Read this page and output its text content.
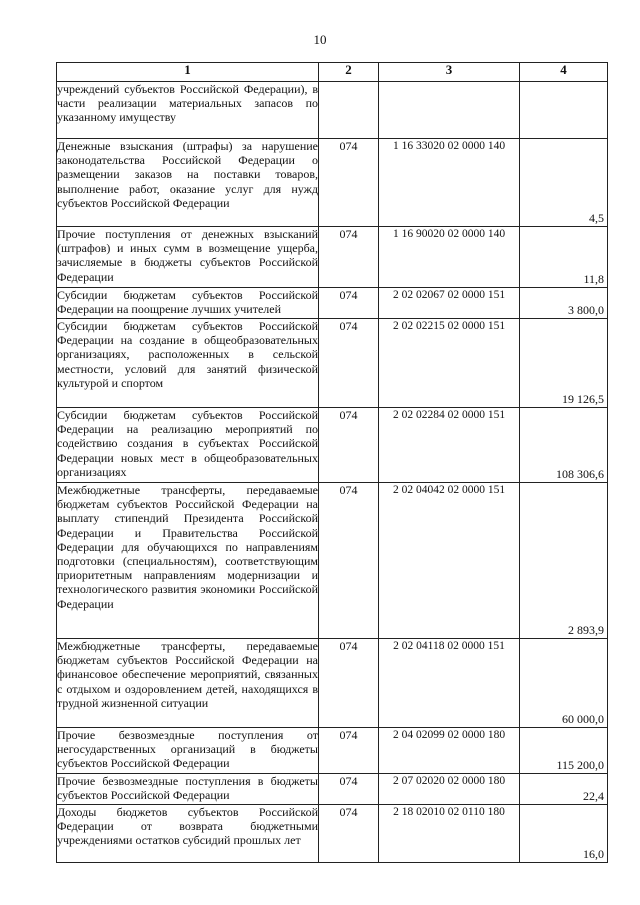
10
1	2	3	4
учреждений субъектов Российской Федерации), в части реализации материальных запасов по указанному имуществу			

Денежные взыскания (штрафы) за нарушение законодательства Российской Федерации о размещении заказов на поставки товаров, выполнение работ, оказание услуг для нужд субъектов Российской Федерации	074	1 16 33020 02 0000 140	4,5

Прочие поступления от денежных взысканий (штрафов) и иных сумм в возмещение ущерба, зачисляемые в бюджеты субъектов Российской Федерации	074	1 16 90020 02 0000 140	11,8

Субсидии бюджетам субъектов Российской Федерации на поощрение лучших учителей	074	2 02 02067 02 0000 151	3 800,0

Субсидии бюджетам субъектов Российской Федерации на создание в общеобразовательных организациях, расположенных в сельской местности, условий для занятий физической культурой и спортом	074	2 02 02215 02 0000 151	19 126,5

Субсидии бюджетам субъектов Российской Федерации на реализацию мероприятий по содействию создания в субъектах Российской Федерации новых мест в общеобразовательных организациях	074	2 02 02284 02 0000 151	108 306,6

Межбюджетные трансферты, передаваемые бюджетам субъектов Российской Федерации на выплату стипендий Президента Российской Федерации и Правительства Российской Федерации для обучающихся по направлениям подготовки (специальностям), соответствующим приоритетным направлениям модернизации и технологического развития экономики Российской Федерации	074	2 02 04042 02 0000 151	2 893,9

Межбюджетные трансферты, передаваемые бюджетам субъектов Российской Федерации на финансовое обеспечение мероприятий, связанных с отдыхом и оздоровлением детей, находящихся в трудной жизненной ситуации	074	2 02 04118 02 0000 151	60 000,0

Прочие безвозмездные поступления от негосударственных организаций в бюджеты субъектов Российской Федерации	074	2 04 02099 02 0000 180	115 200,0

Прочие безвозмездные поступления в бюджеты субъектов Российской Федерации	074	2 07 02020 02 0000 180	22,4

Доходы бюджетов субъектов Российской Федерации от возврата бюджетными учреждениями остатков субсидий прошлых лет	074	2 18 02010 02 0110 180	16,0
